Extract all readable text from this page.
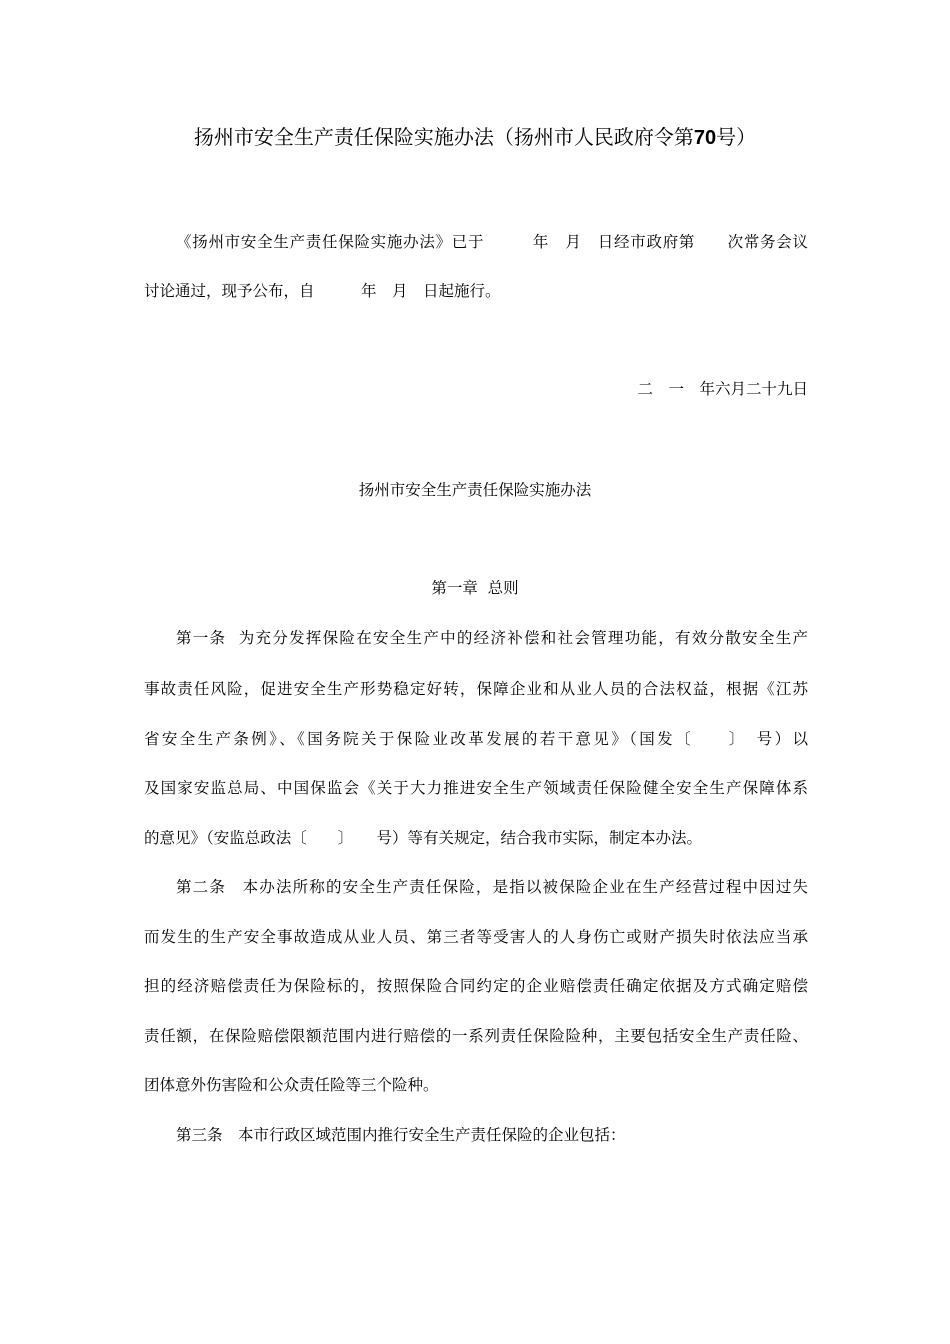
扬州市安全生产责任保险实施办法（扬州市人民政府令第70号）
《扬州市安全生产责任保险实施办法》已于　　　年　月　日经市政府第　　次常务会议
讨论通过，现予公布，自　　　年　月　日起施行。
二　一　年六月二十九日
扬州市安全生产责任保险实施办法
第一章  总则
第一条  为充分发挥保险在安全生产中的经济补偿和社会管理功能，有效分散安全生产
事故责任风险，促进安全生产形势稳定好转，保障企业和从业人员的合法权益，根据《江苏
省安全生产条例》、《国务院关于保险业改革发展的若干意见》（国发〔　　〕　号）以
及国家安监总局、中国保监会《关于大力推进安全生产领域责任保险健全安全生产保障体系
的意见》（安监总政法〔　　〕　　号）等有关规定，结合我市实际，制定本办法。
第二条　本办法所称的安全生产责任保险，是指以被保险企业在生产经营过程中因过失
而发生的生产安全事故造成从业人员、第三者等受害人的人身伤亡或财产损失时依法应当承
担的经济赔偿责任为保险标的，按照保险合同约定的企业赔偿责任确定依据及方式确定赔偿
责任额，在保险赔偿限额范围内进行赔偿的一系列责任保险险种，主要包括安全生产责任险、
团体意外伤害险和公众责任险等三个险种。
第三条　本市行政区域范围内推行安全生产责任保险的企业包括：
